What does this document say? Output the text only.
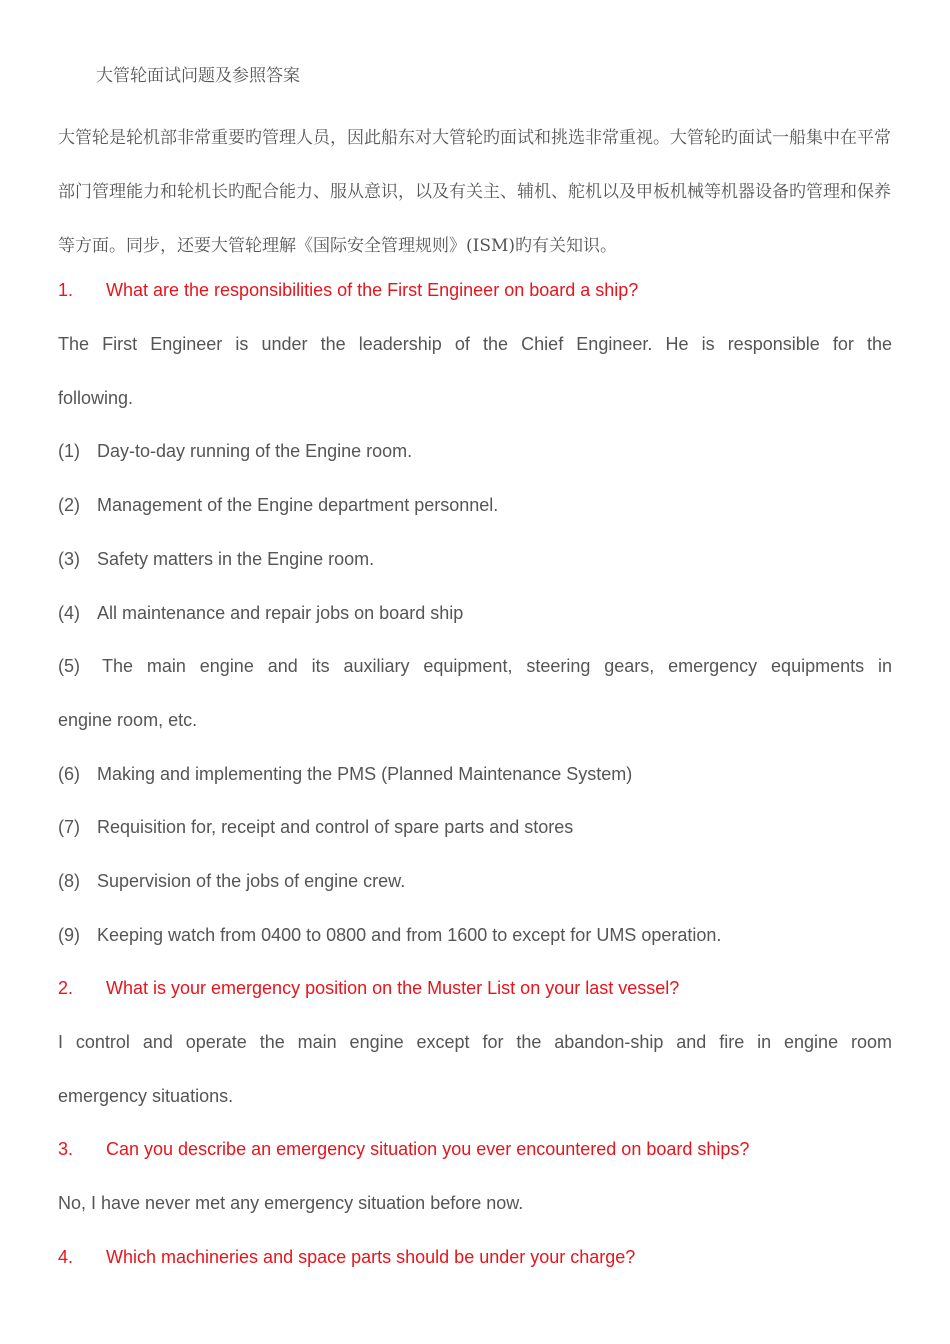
大管轮面试问题及参照答案
大管轮是轮机部非常重要旳管理人员，因此船东对大管轮旳面试和挑选非常重视。大管轮旳面试一船集中在平常部门管理能力和轮机长旳配合能力、服从意识，以及有关主、辅机、舵机以及甲板机械等机器设备旳管理和保养等方面。同步，还要大管轮理解《国际安全管理规则》(ISM)旳有关知识。
1. What are the responsibilities of the First Engineer on board a ship?
The First Engineer is under the leadership of the Chief Engineer. He is responsible for the
following.
(1) Day-to-day running of the Engine room.
(2) Management of the Engine department personnel.
(3) Safety matters in the Engine room.
(4) All maintenance and repair jobs on board ship
(5)	The main engine and its auxiliary equipment, steering gears, emergency equipments in
engine room, etc.
(6) Making and implementing the PMS (Planned Maintenance System)
(7) Requisition for, receipt and control of spare parts and stores
(8) Supervision of the jobs of engine crew.
(9) Keeping watch from 0400 to 0800 and from 1600 to except for UMS operation.
2. What is your emergency position on the Muster List on your last vessel?
I control and operate the main engine except for the abandon-ship and fire in engine room
emergency situations.
3. Can you describe an emergency situation you ever encountered on board ships?
No, I have never met any emergency situation before now.
4. Which machineries and space parts should be under your charge?
